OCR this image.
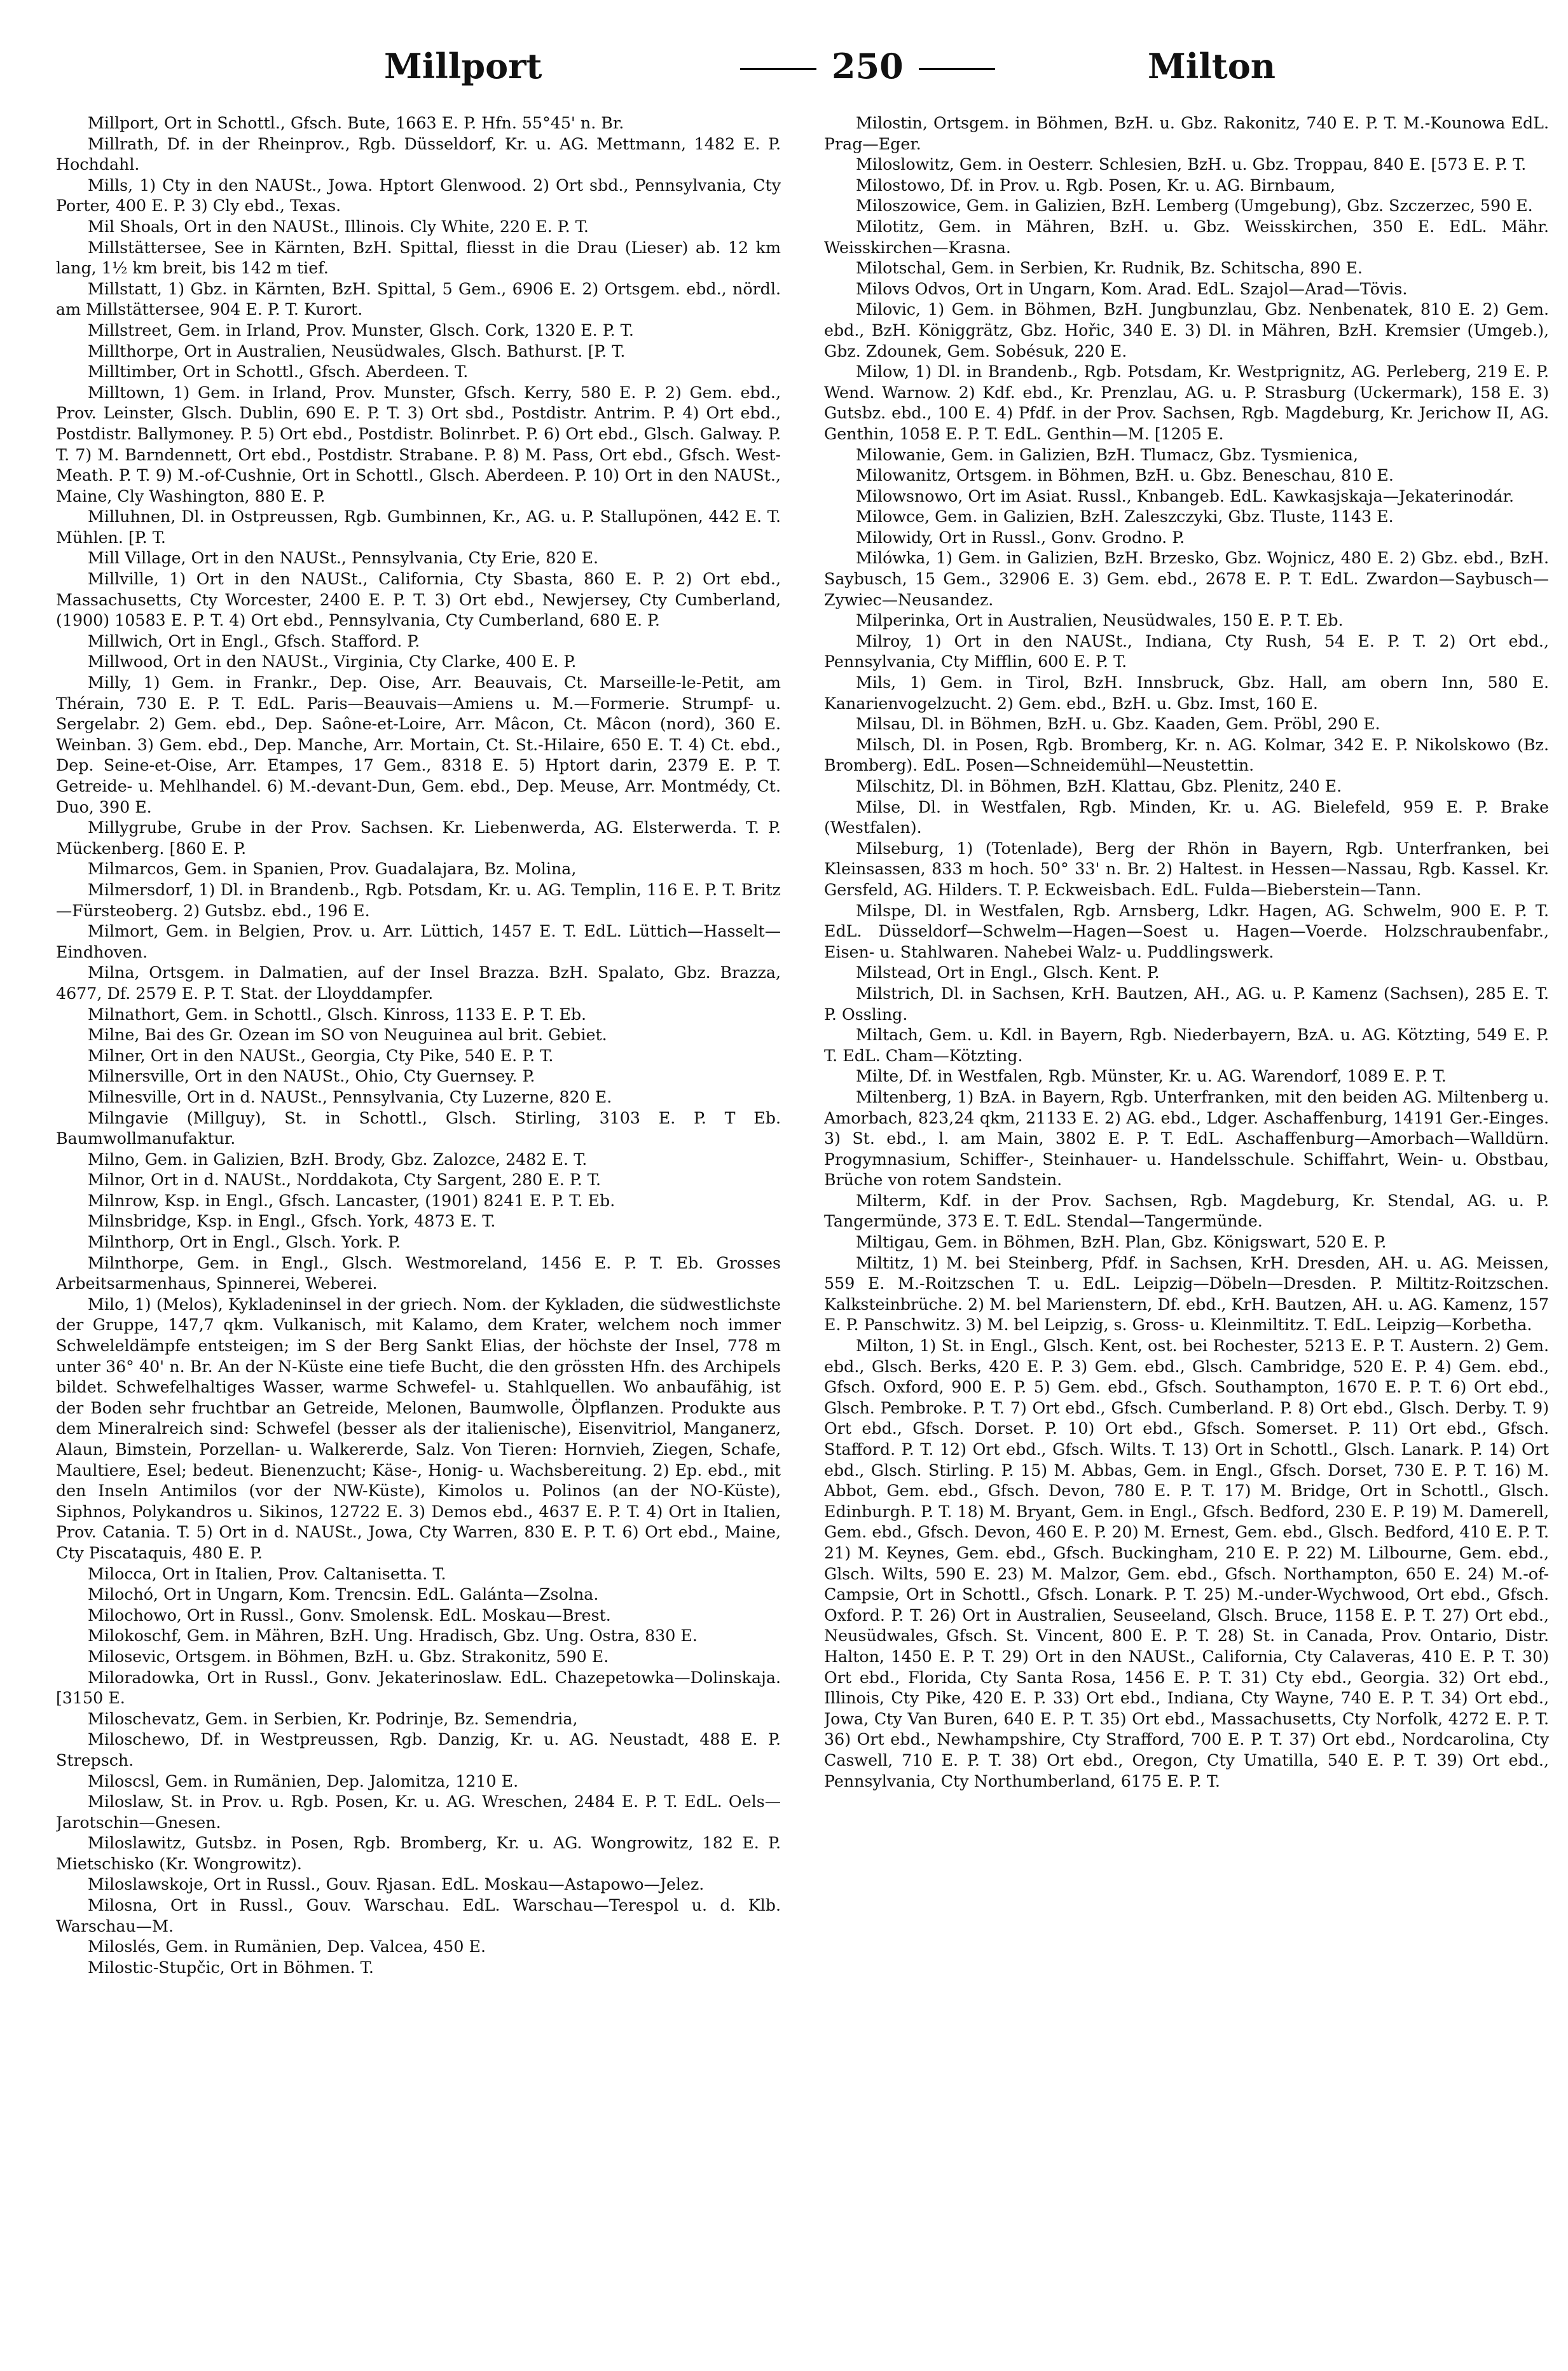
Millport	250	Milton

Millport, Ort in Schottl., Gfsch. Bute, 1663 E. P. Hfn. 55°45' n. Br.

Millrath, Df. in der Rheinprov., Rgb. Düsseldorf, Kr. u. AG. Mettmann, 1482 E. P. Hochdahl.

Mills, 1) Cty in den NAUSt., Jowa. Hptort Glenwood. 2) Ort sbd., Pennsylvania, Cty Porter, 400 E. P. 3) Cly ebd., Texas.

Mil Shoals, Ort in den NAUSt., Illinois. Cly White, 220 E. P. T.

Millstättersee, See in Kärnten, BzH. Spittal, fliesst in die Drau (Lieser) ab. 12 km lang, 1½ km breit, bis 142 m tief.

Millstatt, 1) Gbz. in Kärnten, BzH. Spittal, 5 Gem., 6906 E. 2) Ortsgem. ebd., nördl. am Millstättersee, 904 E. P. T. Kurort.

Millstreet, Gem. in Irland, Prov. Munster, Glsch. Cork, 1320 E. P. T.

Millthorpe, Ort in Australien, Neusüdwales, Glsch. Bathurst. [P. T.

Milltimber, Ort in Schottl., Gfsch. Aberdeen. T.

Milltown, 1) Gem. in Irland, Prov. Munster, Gfsch. Kerry, 580 E. P. 2) Gem. ebd., Prov. Leinster, Glsch. Dublin, 690 E. P. T. 3) Ort sbd., Postdistr. Antrim. P. 4) Ort ebd., Postdistr. Ballymoney. P. 5) Ort ebd., Postdistr. Bolinrbet. P. 6) Ort ebd., Glsch. Galway. P. T. 7) M. Barndennett, Ort ebd., Postdistr. Strabane. P. 8) M. Pass, Ort ebd., Gfsch. West-Meath. P. T. 9) M.-of-Cushnie, Ort in Schottl., Glsch. Aberdeen. P. 10) Ort in den NAUSt., Maine, Cly Washington, 880 E. P.

Milluhnen, Dl. in Ostpreussen, Rgb. Gumbinnen, Kr., AG. u. P. Stallupönen, 442 E. T. Mühlen. [P. T.

Mill Village, Ort in den NAUSt., Pennsylvania, Cty Erie, 820 E.

Millville, 1) Ort in den NAUSt., California, Cty Sbasta, 860 E. P. 2) Ort ebd., Massachusetts, Cty Worcester, 2400 E. P. T. 3) Ort ebd., Newjersey, Cty Cumberland, (1900) 10583 E. P. T. 4) Ort ebd., Pennsylvania, Cty Cumberland, 680 E. P.

Millwich, Ort in Engl., Gfsch. Stafford. P.

Millwood, Ort in den NAUSt., Virginia, Cty Clarke, 400 E. P.

Milly, 1) Gem. in Frankr., Dep. Oise, Arr. Beauvais, Ct. Marseille-le-Petit, am Thérain, 730 E. P. T. EdL. Paris—Beauvais—Amiens u. M.—Formerie. Strumpf- u. Sergelabr. 2) Gem. ebd., Dep. Saône-et-Loire, Arr. Mâcon, Ct. Mâcon (nord), 360 E. Weinban. 3) Gem. ebd., Dep. Manche, Arr. Mortain, Ct. St.-Hilaire, 650 E. T. 4) Ct. ebd., Dep. Seine-et-Oise, Arr. Etampes, 17 Gem., 8318 E. 5) Hptort darin, 2379 E. P. T. Getreide- u. Mehlhandel. 6) M.-devant-Dun, Gem. ebd., Dep. Meuse, Arr. Montmédy, Ct. Duo, 390 E.

Millygrube, Grube in der Prov. Sachsen. Kr. Liebenwerda, AG. Elsterwerda. T. P. Mückenberg. [860 E. P.

Milmarcos, Gem. in Spanien, Prov. Guadalajara, Bz. Molina,

Milmersdorf, 1) Dl. in Brandenb., Rgb. Potsdam, Kr. u. AG. Templin, 116 E. P. T. Britz—Fürsteoberg. 2) Gutsbz. ebd., 196 E.

Milmort, Gem. in Belgien, Prov. u. Arr. Lüttich, 1457 E. T. EdL. Lüttich—Hasselt—Eindhoven.

Milna, Ortsgem. in Dalmatien, auf der Insel Brazza. BzH. Spalato, Gbz. Brazza, 4677, Df. 2579 E. P. T. Stat. der Lloyddampfer.

Milnathort, Gem. in Schottl., Glsch. Kinross, 1133 E. P. T. Eb.

Milne, Bai des Gr. Ozean im SO von Neuguinea aul brit. Gebiet.

Milner, Ort in den NAUSt., Georgia, Cty Pike, 540 E. P. T.

Milnersville, Ort in den NAUSt., Ohio, Cty Guernsey. P.

Milnesville, Ort in d. NAUSt., Pennsylvania, Cty Luzerne, 820 E.

Milngavie (Millguy), St. in Schottl., Glsch. Stirling, 3103 E. P. T Eb. Baumwollmanufaktur.

Milno, Gem. in Galizien, BzH. Brody, Gbz. Zalozce, 2482 E. T.

Milnor, Ort in d. NAUSt., Norddakota, Cty Sargent, 280 E. P. T.

Milnrow, Ksp. in Engl., Gfsch. Lancaster, (1901) 8241 E. P. T. Eb.

Milnsbridge, Ksp. in Engl., Gfsch. York, 4873 E. T.

Milnthorp, Ort in Engl., Glsch. York. P.

Milnthorpe, Gem. in Engl., Glsch. Westmoreland, 1456 E. P. T. Eb. Grosses Arbeitsarmenhaus, Spinnerei, Weberei.

Milo, 1) (Melos), Kykladeninsel in der griech. Nom. der Kykladen, die südwestlichste der Gruppe, 147,7 qkm. Vulkanisch, mit Kalamo, dem Krater, welchem noch immer Schweleldämpfe entsteigen; im S der Berg Sankt Elias, der höchste der Insel, 778 m unter 36° 40' n. Br. An der N-Küste eine tiefe Bucht, die den grössten Hfn. des Archipels bildet. Schwefelhaltiges Wasser, warme Schwefel- u. Stahlquellen. Wo anbaufähig, ist der Boden sehr fruchtbar an Getreide, Melonen, Baumwolle, Ölpflanzen. Produkte aus dem Mineralreich sind: Schwefel (besser als der italienische), Eisenvitriol, Manganerz, Alaun, Bimstein, Porzellan- u. Walkererde, Salz. Von Tieren: Hornvieh, Ziegen, Schafe, Maultiere, Esel; bedeut. Bienenzucht; Käse-, Honig- u. Wachsbereitung. 2) Ep. ebd., mit den Inseln Antimilos (vor der NW-Küste), Kimolos u. Polinos (an der NO-Küste), Siphnos, Polykandros u. Sikinos, 12722 E. 3) Demos ebd., 4637 E. P. T. 4) Ort in Italien, Prov. Catania. T. 5) Ort in d. NAUSt., Jowa, Cty Warren, 830 E. P. T. 6) Ort ebd., Maine, Cty Piscataquis, 480 E. P.

Milocca, Ort in Italien, Prov. Caltanisetta. T.

Milochó, Ort in Ungarn, Kom. Trencsin. EdL. Galánta—Zsolna.

Milochowo, Ort in Russl., Gonv. Smolensk. EdL. Moskau—Brest.

Milokoschf, Gem. in Mähren, BzH. Ung. Hradisch, Gbz. Ung. Ostra, 830 E.

Milosevic, Ortsgem. in Böhmen, BzH. u. Gbz. Strakonitz, 590 E.

Miloradowka, Ort in Russl., Gonv. Jekaterinoslaw. EdL. Chazepetowka—Dolinskaja. [3150 E.

Miloschevatz, Gem. in Serbien, Kr. Podrinje, Bz. Semendria,

Miloschewo, Df. in Westpreussen, Rgb. Danzig, Kr. u. AG. Neustadt, 488 E. P. Strepsch.

Miloscsl, Gem. in Rumänien, Dep. Jalomitza, 1210 E.

Miloslaw, St. in Prov. u. Rgb. Posen, Kr. u. AG. Wreschen, 2484 E. P. T. EdL. Oels—Jarotschin—Gnesen.

Miloslawitz, Gutsbz. in Posen, Rgb. Bromberg, Kr. u. AG. Wongrowitz, 182 E. P. Mietschisko (Kr. Wongrowitz).

Miloslawskoje, Ort in Russl., Gouv. Rjasan. EdL. Moskau—Astapowo—Jelez.

Milosna, Ort in Russl., Gouv. Warschau. EdL. Warschau—Terespol u. d. Klb. Warschau—M.

Miloslés, Gem. in Rumänien, Dep. Valcea, 450 E.

Milostic-Stupčic, Ort in Böhmen. T.

Milostin, Ortsgem. in Böhmen, BzH. u. Gbz. Rakonitz, 740 E. P. T. M.-Kounowa EdL. Prag—Eger.

Miloslowitz, Gem. in Oesterr. Schlesien, BzH. u. Gbz. Troppau, 840 E. [573 E. P. T.

Milostowo, Df. in Prov. u. Rgb. Posen, Kr. u. AG. Birnbaum,

Miloszowice, Gem. in Galizien, BzH. Lemberg (Umgebung), Gbz. Szczerzec, 590 E.

Milotitz, Gem. in Mähren, BzH. u. Gbz. Weisskirchen, 350 E. EdL. Mähr. Weisskirchen—Krasna.

Milotschal, Gem. in Serbien, Kr. Rudnik, Bz. Schitscha, 890 E.

Milovs Odvos, Ort in Ungarn, Kom. Arad. EdL. Szajol—Arad—Tövis.

Milovic, 1) Gem. in Böhmen, BzH. Jungbunzlau, Gbz. Nenbenatek, 810 E. 2) Gem. ebd., BzH. Königgrätz, Gbz. Hořic, 340 E. 3) Dl. in Mähren, BzH. Kremsier (Umgeb.), Gbz. Zdounek, Gem. Sobésuk, 220 E.

Milow, 1) Dl. in Brandenb., Rgb. Potsdam, Kr. Westprignitz, AG. Perleberg, 219 E. P. Wend. Warnow. 2) Kdf. ebd., Kr. Prenzlau, AG. u. P. Strasburg (Uckermark), 158 E. 3) Gutsbz. ebd., 100 E. 4) Pfdf. in der Prov. Sachsen, Rgb. Magdeburg, Kr. Jerichow II, AG. Genthin, 1058 E. P. T. EdL. Genthin—M. [1205 E.

Milowanie, Gem. in Galizien, BzH. Tlumacz, Gbz. Tysmienica,

Milowanitz, Ortsgem. in Böhmen, BzH. u. Gbz. Beneschau, 810 E.

Milowsnowo, Ort im Asiat. Russl., Knbangeb. EdL. Kawkasjskaja—Jekaterinodár.

Milowce, Gem. in Galizien, BzH. Zaleszczyki, Gbz. Tluste, 1143 E.

Milowidy, Ort in Russl., Gonv. Grodno. P.

Milówka, 1) Gem. in Galizien, BzH. Brzesko, Gbz. Wojnicz, 480 E. 2) Gbz. ebd., BzH. Saybusch, 15 Gem., 32906 E. 3) Gem. ebd., 2678 E. P. T. EdL. Zwardon—Saybusch—Zywiec—Neusandez.

Milperinka, Ort in Australien, Neusüdwales, 150 E. P. T. Eb.

Milroy, 1) Ort in den NAUSt., Indiana, Cty Rush, 54 E. P. T. 2) Ort ebd., Pennsylvania, Cty Mifflin, 600 E. P. T.

Mils, 1) Gem. in Tirol, BzH. Innsbruck, Gbz. Hall, am obern Inn, 580 E. Kanarienvogelzucht. 2) Gem. ebd., BzH. u. Gbz. Imst, 160 E.

Milsau, Dl. in Böhmen, BzH. u. Gbz. Kaaden, Gem. Pröbl, 290 E.

Milsch, Dl. in Posen, Rgb. Bromberg, Kr. n. AG. Kolmar, 342 E. P. Nikolskowo (Bz. Bromberg). EdL. Posen—Schneidemühl—Neustettin.

Milschitz, Dl. in Böhmen, BzH. Klattau, Gbz. Plenitz, 240 E.

Milse, Dl. in Westfalen, Rgb. Minden, Kr. u. AG. Bielefeld, 959 E. P. Brake (Westfalen).

Milseburg, 1) (Totenlade), Berg der Rhön in Bayern, Rgb. Unterfranken, bei Kleinsassen, 833 m hoch. 50° 33' n. Br. 2) Haltest. in Hessen—Nassau, Rgb. Kassel. Kr. Gersfeld, AG. Hilders. T. P. Eckweisbach. EdL. Fulda—Bieberstein—Tann.

Milspe, Dl. in Westfalen, Rgb. Arnsberg, Ldkr. Hagen, AG. Schwelm, 900 E. P. T. EdL. Düsseldorf—Schwelm—Hagen—Soest u. Hagen—Voerde. Holzschraubenfabr., Eisen- u. Stahlwaren. Nahebei Walz- u. Puddlingswerk.

Milstead, Ort in Engl., Glsch. Kent. P.

Milstrich, Dl. in Sachsen, KrH. Bautzen, AH., AG. u. P. Kamenz (Sachsen), 285 E. T. P. Ossling.

Miltach, Gem. u. Kdl. in Bayern, Rgb. Niederbayern, BzA. u. AG. Kötzting, 549 E. P. T. EdL. Cham—Kötzting.

Milte, Df. in Westfalen, Rgb. Münster, Kr. u. AG. Warendorf, 1089 E. P. T.

Miltenberg, 1) BzA. in Bayern, Rgb. Unterfranken, mit den beiden AG. Miltenberg u. Amorbach, 823,24 qkm, 21133 E. 2) AG. ebd., Ldger. Aschaffenburg, 14191 Ger.-Einges. 3) St. ebd., l. am Main, 3802 E. P. T. EdL. Aschaffenburg—Amorbach—Walldürn. Progymnasium, Schiffer-, Steinhauer- u. Handelsschule. Schiffahrt, Wein- u. Obstbau, Brüche von rotem Sandstein.

Milterm, Kdf. in der Prov. Sachsen, Rgb. Magdeburg, Kr. Stendal, AG. u. P. Tangermünde, 373 E. T. EdL. Stendal—Tangermünde.

Miltigau, Gem. in Böhmen, BzH. Plan, Gbz. Königswart, 520 E. P.

Miltitz, 1) M. bei Steinberg, Pfdf. in Sachsen, KrH. Dresden, AH. u. AG. Meissen, 559 E. M.-Roitzschen T. u. EdL. Leipzig—Döbeln—Dresden. P. Miltitz-Roitzschen. Kalksteinbrüche. 2) M. bel Marienstern, Df. ebd., KrH. Bautzen, AH. u. AG. Kamenz, 157 E. P. Panschwitz. 3) M. bel Leipzig, s. Gross- u. Kleinmiltitz. T. EdL. Leipzig—Korbetha.

Milton, 1) St. in Engl., Glsch. Kent, ost. bei Rochester, 5213 E. P. T. Austern. 2) Gem. ebd., Glsch. Berks, 420 E. P. 3) Gem. ebd., Glsch. Cambridge, 520 E. P. 4) Gem. ebd., Gfsch. Oxford, 900 E. P. 5) Gem. ebd., Gfsch. Southampton, 1670 E. P. T. 6) Ort ebd., Glsch. Pembroke. P. T. 7) Ort ebd., Gfsch. Cumberland. P. 8) Ort ebd., Glsch. Derby. T. 9) Ort ebd., Gfsch. Dorset. P. 10) Ort ebd., Gfsch. Somerset. P. 11) Ort ebd., Gfsch. Stafford. P. T. 12) Ort ebd., Gfsch. Wilts. T. 13) Ort in Schottl., Glsch. Lanark. P. 14) Ort ebd., Glsch. Stirling. P. 15) M. Abbas, Gem. in Engl., Gfsch. Dorset, 730 E. P. T. 16) M. Abbot, Gem. ebd., Gfsch. Devon, 780 E. P. T. 17) M. Bridge, Ort in Schottl., Glsch. Edinburgh. P. T. 18) M. Bryant, Gem. in Engl., Gfsch. Bedford, 230 E. P. 19) M. Damerell, Gem. ebd., Gfsch. Devon, 460 E. P. 20) M. Ernest, Gem. ebd., Glsch. Bedford, 410 E. P. T. 21) M. Keynes, Gem. ebd., Gfsch. Buckingham, 210 E. P. 22) M. Lilbourne, Gem. ebd., Glsch. Wilts, 590 E. 23) M. Malzor, Gem. ebd., Gfsch. Northampton, 650 E. 24) M.-of-Campsie, Ort in Schottl., Gfsch. Lonark. P. T. 25) M.-under-Wychwood, Ort ebd., Gfsch. Oxford. P. T. 26) Ort in Australien, Seuseeland, Glsch. Bruce, 1158 E. P. T. 27) Ort ebd., Neusüdwales, Gfsch. St. Vincent, 800 E. P. T. 28) St. in Canada, Prov. Ontario, Distr. Halton, 1450 E. P. T. 29) Ort in den NAUSt., California, Cty Calaveras, 410 E. P. T. 30) Ort ebd., Florida, Cty Santa Rosa, 1456 E. P. T. 31) Cty ebd., Georgia. 32) Ort ebd., Illinois, Cty Pike, 420 E. P. 33) Ort ebd., Indiana, Cty Wayne, 740 E. P. T. 34) Ort ebd., Jowa, Cty Van Buren, 640 E. P. T. 35) Ort ebd., Massachusetts, Cty Norfolk, 4272 E. P. T. 36) Ort ebd., Newhampshire, Cty Strafford, 700 E. P. T. 37) Ort ebd., Nordcarolina, Cty Caswell, 710 E. P. T. 38) Ort ebd., Oregon, Cty Umatilla, 540 E. P. T. 39) Ort ebd., Pennsylvania, Cty Northumberland, 6175 E. P. T.
